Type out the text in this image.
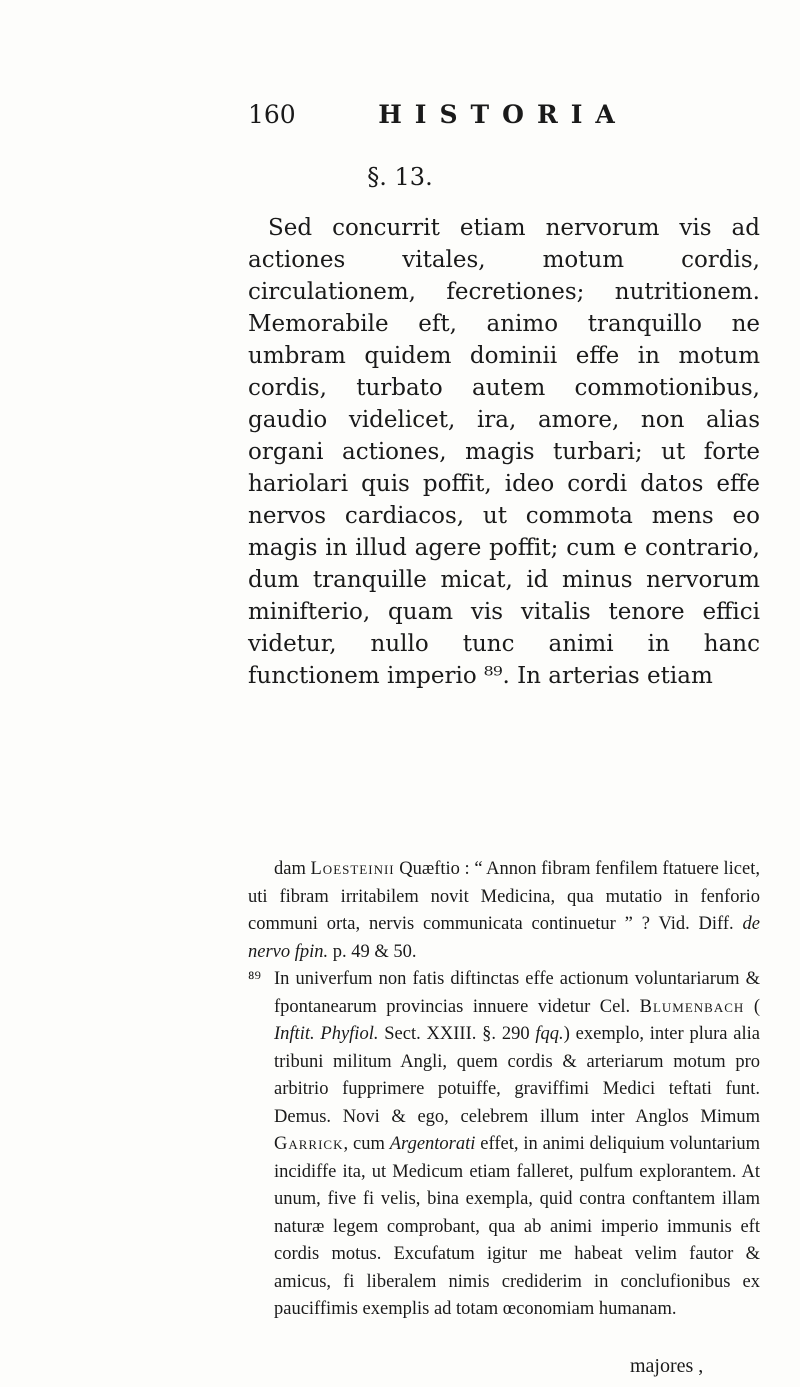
160	HISTORIA
§. 13.

Sed concurrit etiam nervorum vis ad actiones vitales, motum cordis, circulationem, fecretiones; nutritionem. Memorabile eft, animo tranquillo ne umbram quidem dominii effe in motum cordis, turbato autem commotionibus, gaudio videlicet, ira, amore, non alias organi actiones, magis turbari; ut forte hariolari quis poffit, ideo cordi datos effe nervos cardiacos, ut commota mens eo magis in illud agere poffit; cum e contrario, dum tranquille micat, id minus nervorum minifterio, quam vis vitalis tenore effici videtur, nullo tunc animi in hanc functionem imperio ⁸⁹. In arterias etiam

dam Loesteinii Quæftio : “ Annon fibram fenfilem ftatuere licet, uti fibram irritabilem novit Medicina, qua mutatio in fenforio communi orta, nervis communicata continuetur ” ? Vid. Diff. de nervo fpin. p. 49 & 50.

⁸⁹ In univerfum non fatis diftinctas effe actionum voluntariarum & fpontanearum provincias innuere videtur Cel. Blumenbach ( Inftit. Phyfiol. Sect. XXIII. §. 290 fqq.) exemplo, inter plura alia tribuni militum Angli, quem cordis & arteriarum motum pro arbitrio fupprimere potuiffe, graviffimi Medici teftati funt. Demus. Novi & ego, celebrem illum inter Anglos Mimum Garrick, cum Argentorati effet, in animi deliquium voluntarium incidiffe ita, ut Medicum etiam falleret, pulfum explorantem. At unum, five fi velis, bina exempla, quid contra conftantem illam naturæ legem comprobant, qua ab animi imperio immunis eft cordis motus. Excufatum igitur me habeat velim fautor & amicus, fi liberalem nimis crediderim in conclufionibus ex pauciffimis exemplis ad totam œconomiam humanam.

majores ,
